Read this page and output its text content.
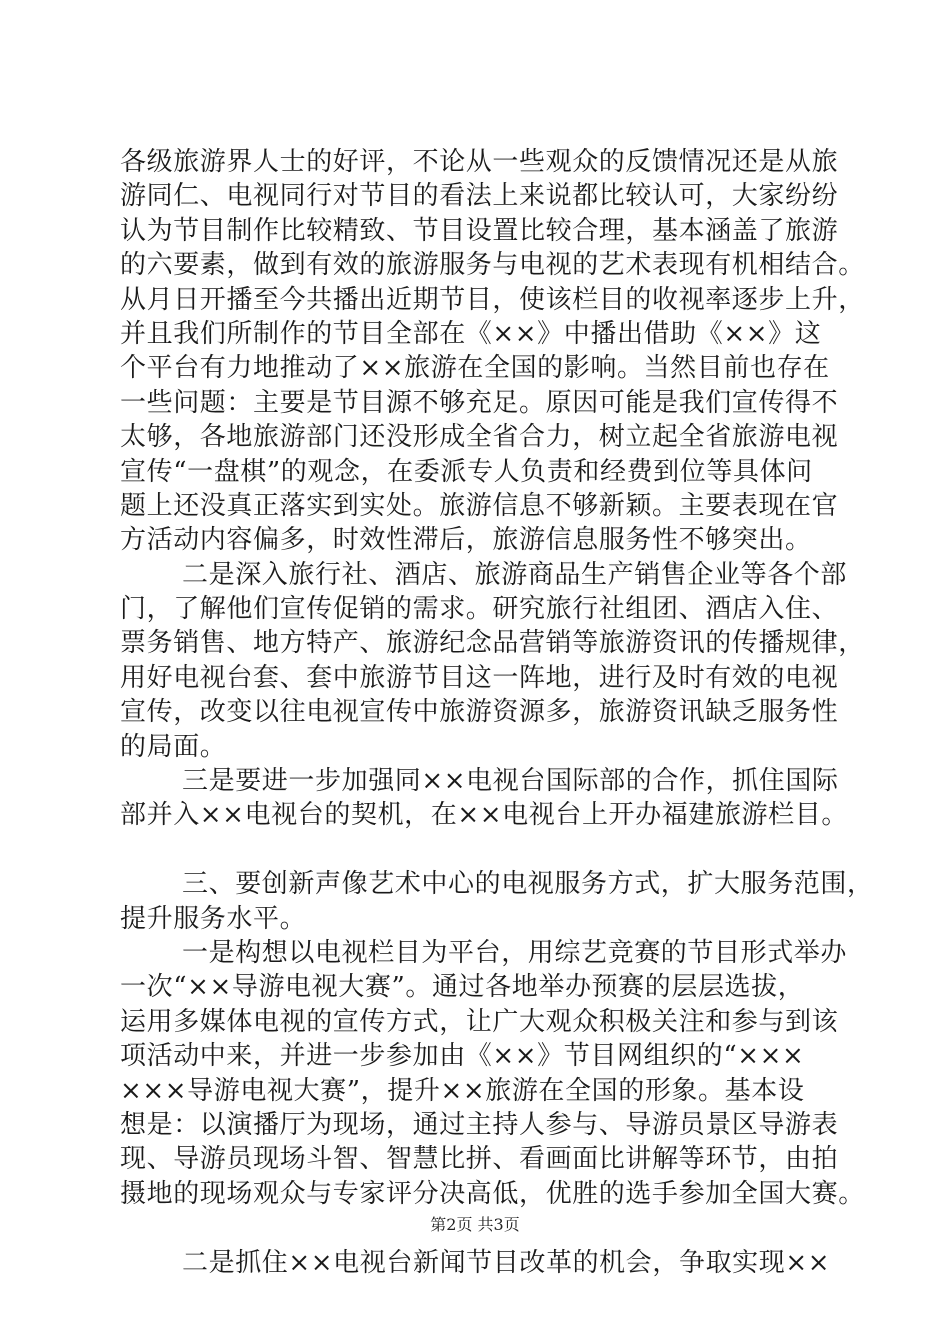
各级旅游界人士的好评，不论从一些观众的反馈情况还是从旅
游同仁、电视同行对节目的看法上来说都比较认可，大家纷纷
认为节目制作比较精致、节目设置比较合理，基本涵盖了旅游
的六要素，做到有效的旅游服务与电视的艺术表现有机相结合。
从月日开播至今共播出近期节目，使该栏目的收视率逐步上升，
并且我们所制作的节目全部在《××》中播出借助《××》这
个平台有力地推动了××旅游在全国的影响。当然目前也存在
一些问题：主要是节目源不够充足。原因可能是我们宣传得不
太够，各地旅游部门还没形成全省合力，树立起全省旅游电视
宣传“一盘棋”的观念，在委派专人负责和经费到位等具体问
题上还没真正落实到实处。旅游信息不够新颖。主要表现在官
方活动内容偏多，时效性滞后，旅游信息服务性不够突出。
二是深入旅行社、酒店、旅游商品生产销售企业等各个部
门，了解他们宣传促销的需求。研究旅行社组团、酒店入住、
票务销售、地方特产、旅游纪念品营销等旅游资讯的传播规律，
用好电视台套、套中旅游节目这一阵地，进行及时有效的电视
宣传，改变以往电视宣传中旅游资源多，旅游资讯缺乏服务性
的局面。
三是要进一步加强同××电视台国际部的合作，抓住国际
部并入××电视台的契机，在××电视台上开办福建旅游栏目。
三、要创新声像艺术中心的电视服务方式，扩大服务范围，
提升服务水平。
一是构想以电视栏目为平台，用综艺竞赛的节目形式举办
一次“××导游电视大赛”。通过各地举办预赛的层层选拔，
运用多媒体电视的宣传方式，让广大观众积极关注和参与到该
项活动中来，并进一步参加由《××》节目网组织的“×××
×××导游电视大赛”，提升××旅游在全国的形象。基本设
想是：以演播厅为现场，通过主持人参与、导游员景区导游表
现、导游员现场斗智、智慧比拼、看画面比讲解等环节，由拍
摄地的现场观众与专家评分决高低，优胜的选手参加全国大赛。
二是抓住××电视台新闻节目改革的机会，争取实现××
第2页 共3页
